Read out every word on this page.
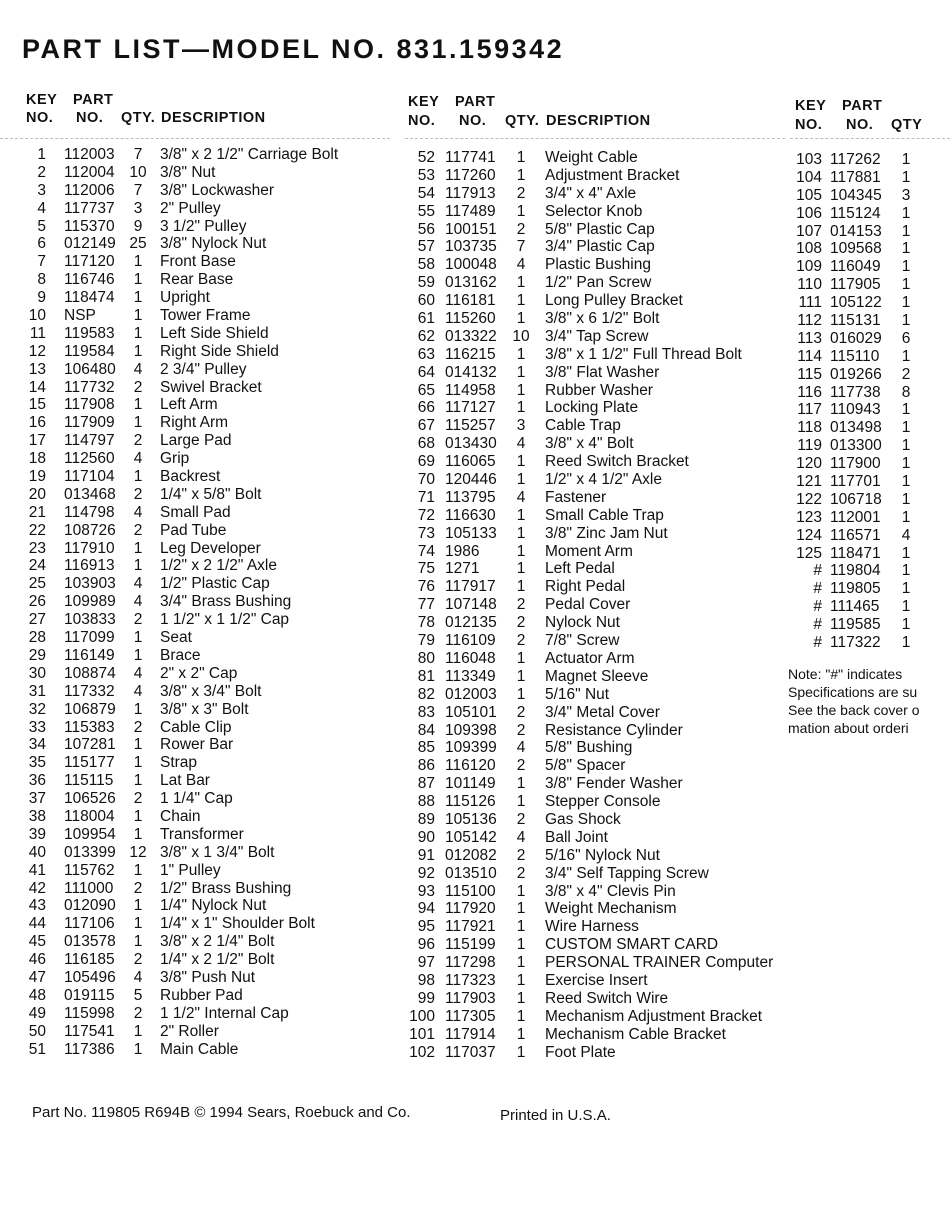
PART LIST—MODEL NO. 831.159342
KEY
NO.
PART
NO. QTY. DESCRIPTION
1 112003	7	3/8" x 2 1/2" Carriage Bolt
2 112004 10 3/8" Nut
3 112006	7	3/8" Lockwasher
4 117737	3	2" Pulley
5 115370	9	3 1/2" Pulley
6 012149 25 3/8" Nylock Nut
7 117120	1	Front Base
8 116746	1	Rear Base
9 118474	1	Upright
10 NSP	1	Tower Frame
11 119583	1	Left Side Shield
12 119584	1	Right Side Shield
13 106480	4	2 3/4" Pulley
14 117732	2	Swivel Bracket
15 117908	1	Left Arm
16 117909	1	Right Arm
17 114797	2	Large Pad
18 112560	4	Grip
19 117104	1	Backrest
20 013468	2	1/4" x 5/8" Bolt
21 114798	4	Small Pad
22 108726	2	Pad Tube
23 117910	1	Leg Developer
24 116913	1	1/2" x 2 1/2" Axle
25 103903	4	1/2" Plastic Cap
26 109989	4	3/4" Brass Bushing
27 103833	2	1 1/2" x 1 1/2" Cap
28 117099	1	Seat
29 116149	1	Brace
30 108874	4	2" x 2" Cap
31 117332	4	3/8" x 3/4" Bolt
32 106879	1	3/8" x 3" Bolt
33 115383	2	Cable Clip
34 107281	1	Rower Bar
35 115177	1	Strap
36 115115	1	Lat Bar
37 106526	2	1 1/4" Cap
38 118004	1	Chain
39 109954	1	Transformer
40 013399 12 3/8" x 1 3/4" Bolt
41 115762	1	1" Pulley
42 111000	2	1/2" Brass Bushing
43 012090	1	1/4" Nylock Nut
44 117106	1	1/4" x 1" Shoulder Bolt
45 013578	1	3/8" x 2 1/4" Bolt
46 116185	2	1/4" x 2 1/2" Bolt
47 105496	4	3/8" Push Nut
48 019115	5	Rubber Pad
49 115998	2	1 1/2" Internal Cap
50 117541	1	2" Roller
51 117386	1	Main Cable
KEY
NO.
PART
NO. QTY. DESCRIPTION
52 117741	1	Weight Cable
53 117260	1	Adjustment Bracket
54 117913	2	3/4" x 4" Axle
55 117489	1	Selector Knob
56 100151	2	5/8" Plastic Cap
57 103735	7	3/4" Plastic Cap
58 100048	4	Plastic Bushing
59 013162	1	1/2" Pan Screw
60 116181	1	Long Pulley Bracket
61 115260	1	3/8" x 6 1/2" Bolt
62 013322	10 3/4" Tap Screw
63 116215	1	3/8" x 1 1/2" Full Thread Bolt
64 014132	1	3/8" Flat Washer
65 114958	1	Rubber Washer
66 117127	1	Locking Plate
67 115257	3	Cable Trap
68 013430	4	3/8" x 4" Bolt
69 116065	1	Reed Switch Bracket
70 120446	1	1/2" x 4 1/2" Axle
71 113795	4	Fastener
72 116630	1	Small Cable Trap
73 105133	1	3/8" Zinc Jam Nut
74 1986	1	Moment Arm
75 1271	1	Left Pedal
76 117917	1	Right Pedal
77 107148	2	Pedal Cover
78 012135	2	Nylock Nut
79 116109	2	7/8" Screw
80 116048	1	Actuator Arm
81 113349	1	Magnet Sleeve
82 012003	1	5/16" Nut
83 105101	2	3/4" Metal Cover
84 109398	2	Resistance Cylinder
85 109399	4	5/8" Bushing
86 116120	2	5/8" Spacer
87 101149	1	3/8" Fender Washer
88 115126	1	Stepper Console
89 105136	2	Gas Shock
90 105142	4	Ball Joint
91 012082	2	5/16" Nylock Nut
92 013510	2	3/4" Self Tapping Screw
93 115100	1	3/8" x 4" Clevis Pin
94 117920	1	Weight Mechanism
95 117921	1	Wire Harness
96 115199	1	CUSTOM SMART CARD
97 117298	1	PERSONAL TRAINER Computer
98 117323	1	Exercise Insert
99 117903	1	Reed Switch Wire
100 117305	1	Mechanism Adjustment Bracket
101 117914	1	Mechanism Cable Bracket
102 117037	1	Foot Plate
KEY
NO.
PART
NO. QTY
103 117262	1
104 117881	1
105 104345	3
106 115124	1
107 014153	1
108 109568	1
109 116049	1
110 117905	1
111 105122	1
112 115131	1
113 016029	6
114 115110	1
115 019266	2
116 117738	8
117 110943	1
118 013498	1
119 013300	1
120 117900	1
121 117701	1
122 106718	1
123 112001	1
124 116571	4
125 118471	1
# 119804	1
# 119805	1
# 111465	1
# 119585	1
# 117322	1
Note: "#" indicates
Specifications are su
See the back cover o
mation about orderi
Part No. 119805 R694B © 1994 Sears, Roebuck and Co.	Printed in U.S.A.
